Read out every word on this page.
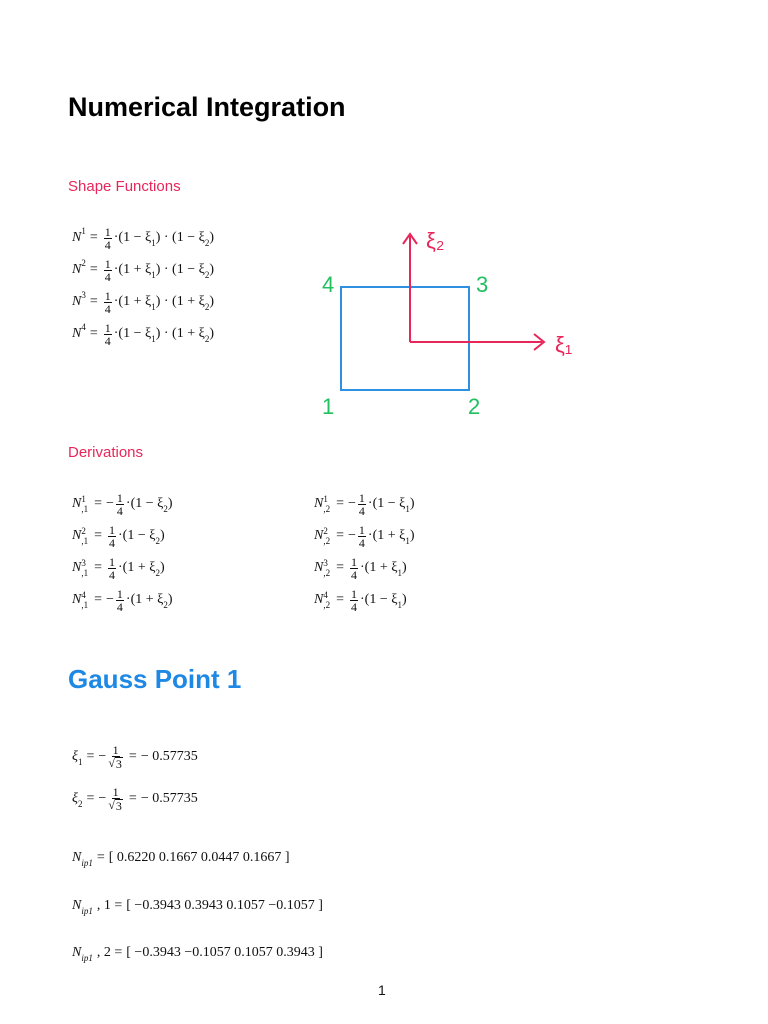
Numerical Integration
Shape Functions
N $1 = \frac{1}{4} \cdot (1 - \xi$ 1 ) · (1 − ξ 2 )
N $2 = \frac{1}{4} \cdot (1 + \xi$ 1 ) · (1 − ξ 2 )
N $3 = \frac{1}{4} \cdot (1 + \xi$ 1 ) · (1 + ξ 2 )
N $4 = \frac{1}{4} \cdot (1 - \xi$ 1 ) · (1 + ξ 2 )	ξ₁
ξ₂
4	3
1	2
Derivations
N 1
,1 = − $\frac{1}{4} \cdot (1 - \xi$ 2 )
N 2
$,1 = \frac{1}{4} \cdot (1 - \xi$ 2 )
N 3
$,1 = \frac{1}{4} \cdot (1 + \xi$ 2 )
N 4
,1 = − $\frac{1}{4} \cdot (1 + \xi$ 2 )
N 1
,2 = − $\frac{1}{4} \cdot (1 - \xi$ 1 )
N 2
,2 = − $\frac{1}{4} \cdot (1 + \xi$ 1 )
N 3
$,2 = \frac{1}{4} \cdot (1 + \xi$ 1 )
N 4
$,2 = \frac{1}{4} \cdot (1 - \xi$ 1 )
Gauss Point 1
ξ 1 = − $\frac{1}{√ 3}$ = − 0.57735
ξ 2 = − $\frac{1}{√ 3}$ = − 0.57735
N ip1 = [ 0.6220 0.1667 0.0447 0.1667 ]
N ip1 , 1 = [ −0.3943 0.3943 0.1057 −0.1057 ]
N ip1 , 2 = [ −0.3943 −0.1057 0.1057 0.3943 ]
1
